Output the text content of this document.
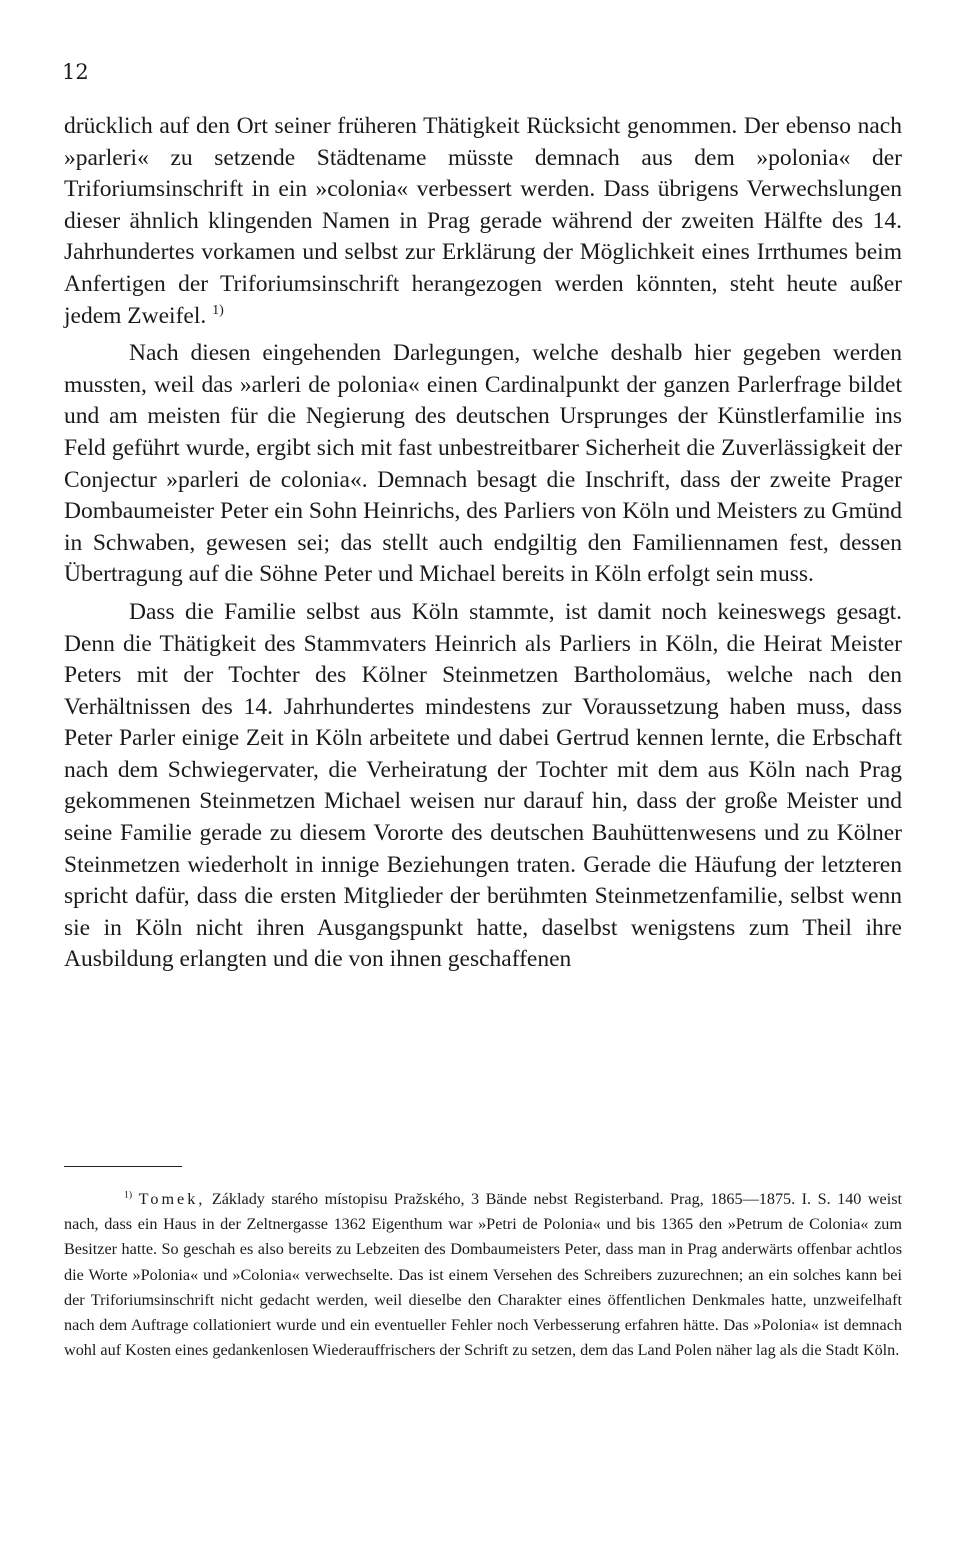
12

drücklich auf den Ort seiner früheren Thätigkeit Rücksicht genommen. Der ebenso nach »parleri« zu setzende Städtename müsste demnach aus dem »polonia« der Triforiumsinschrift in ein »colonia« verbessert werden. Dass übrigens Verwechslungen dieser ähnlich klingenden Namen in Prag gerade während der zweiten Hälfte des 14. Jahrhundertes vorkamen und selbst zur Erklärung der Möglichkeit eines Irrthumes beim Anfertigen der Triforiumsinschrift herangezogen werden könnten, steht heute außer jedem Zweifel. $^{1)}$

Nach diesen eingehenden Darlegungen, welche deshalb hier gegeben werden mussten, weil das »arleri de polonia« einen Cardinalpunkt der ganzen Parlerfrage bildet und am meisten für die Negierung des deutschen Ursprunges der Künstlerfamilie ins Feld geführt wurde, ergibt sich mit fast unbestreitbarer Sicherheit die Zuverlässigkeit der Conjectur »parleri de colonia«. Demnach besagt die Inschrift, dass der zweite Prager Dombaumeister Peter ein Sohn Heinrichs, des Parliers von Köln und Meisters zu Gmünd in Schwaben, gewesen sei; das stellt auch endgiltig den Familiennamen fest, dessen Übertragung auf die Söhne Peter und Michael bereits in Köln erfolgt sein muss.

Dass die Familie selbst aus Köln stammte, ist damit noch keineswegs gesagt. Denn die Thätigkeit des Stammvaters Heinrich als Parliers in Köln, die Heirat Meister Peters mit der Tochter des Kölner Steinmetzen Bartholomäus, welche nach den Verhältnissen des 14. Jahrhundertes mindestens zur Voraussetzung haben muss, dass Peter Parler einige Zeit in Köln arbeitete und dabei Gertrud kennen lernte, die Erbschaft nach dem Schwiegervater, die Verheiratung der Tochter mit dem aus Köln nach Prag gekommenen Steinmetzen Michael weisen nur darauf hin, dass der große Meister und seine Familie gerade zu diesem Vororte des deutschen Bauhüttenwesens und zu Kölner Steinmetzen wiederholt in innige Beziehungen traten. Gerade die Häufung der letzteren spricht dafür, dass die ersten Mitglieder der berühmten Steinmetzenfamilie, selbst wenn sie in Köln nicht ihren Ausgangspunkt hatte, daselbst wenigstens zum Theil ihre Ausbildung erlangten und die von ihnen geschaffenen

$^{1)}$ Tomek, Základy starého místopisu Pražského, 3 Bände nebst Registerband. Prag, 1865—1875. I. S. 140 weist nach, dass ein Haus in der Zeltnergasse 1362 Eigenthum war »Petri de Polonia« und bis 1365 den »Petrum de Colonia« zum Besitzer hatte. So geschah es also bereits zu Lebzeiten des Dombaumeisters Peter, dass man in Prag anderwärts offenbar achtlos die Worte »Polonia« und »Colonia« verwechselte. Das ist einem Versehen des Schreibers zuzurechnen; an ein solches kann bei der Triforiumsinschrift nicht gedacht werden, weil dieselbe den Charakter eines öffentlichen Denkmales hatte, unzweifelhaft nach dem Auftrage collationiert wurde und ein eventueller Fehler noch Verbesserung erfahren hätte. Das »Polonia« ist demnach wohl auf Kosten eines gedankenlosen Wiederauffrischers der Schrift zu setzen, dem das Land Polen näher lag als die Stadt Köln.
